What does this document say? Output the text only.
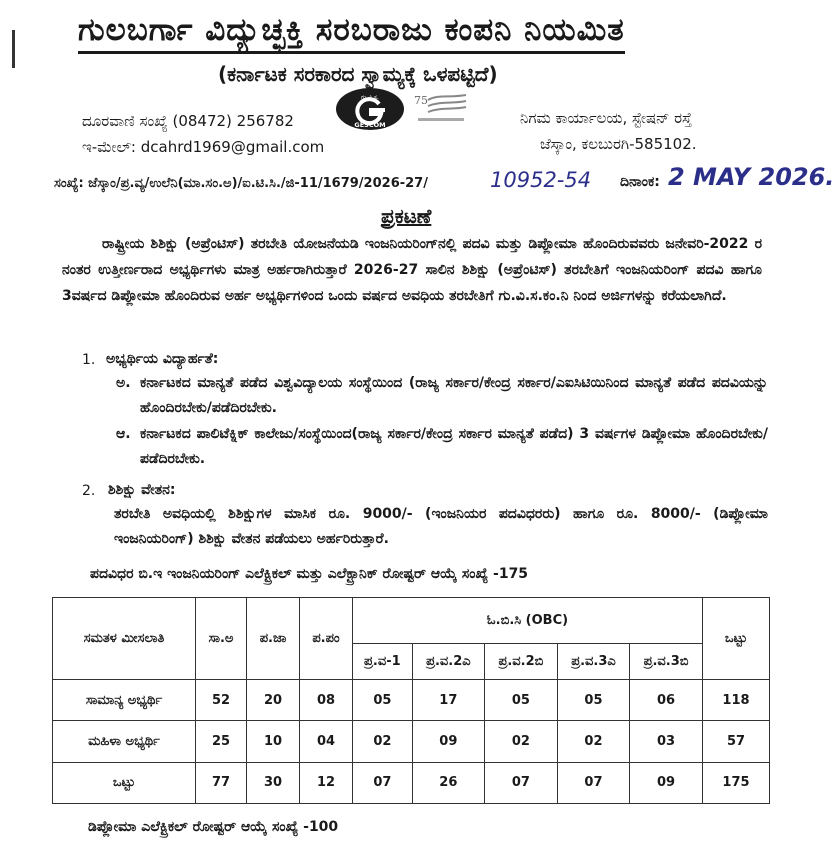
ಗುಲಬರ್ಗಾ ವಿದ್ಯುಚ್ಛಕ್ತಿ ಸರಬರಾಜು ಕಂಪನಿ ನಿಯಮಿತ
(ಕರ್ನಾಟಕ ಸರಕಾರದ ಸ್ವಾಮ್ಯಕ್ಕೆ ಒಳಪಟ್ಟಿದೆ)
ಗು.ವಿ.ಸ.
GESCOM
75
ದೂರವಾಣಿ ಸಂಖ್ಯೆ (08472) 256782
ಇ-ಮೇಲ್: dcahrd1969@gmail.com
ನಿಗಮ ಕಾರ್ಯಾಲಯ, ಸ್ಟೇಷನ್ ರಸ್ತೆ
ಜೆಸ್ಕಾಂ, ಕಲಬುರಗಿ-585102.
ಸಂಖ್ಯೆ: ಜೆಸ್ಕಾಂ/ಪ್ರ.ವ್ಯ/ಉಲೆನಿ(ಮಾ.ಸಂ.ಅ)/ಐ.ಟಿ.ಸಿ./ಜಿ-11/1679/2026-27/	10952-54 ದಿನಾಂಕ: 2 MAY 2026.
ಪ್ರಕಟಣೆ
ರಾಷ್ಟ್ರೀಯ ಶಿಶಿಕ್ಷು (ಅಪ್ರೆಂಟಿಸ್) ತರಬೇತಿ ಯೋಜನೆಯಡಿ ಇಂಜನಿಯರಿಂಗ್‌ನಲ್ಲಿ ಪದವಿ ಮತ್ತು ಡಿಪ್ಲೋಮಾ ಹೊಂದಿರುವವರು ಜನೇವರಿ-2022 ರ ನಂತರ ಉತ್ತೀರ್ಣರಾದ ಅಭ್ಯರ್ಥಿಗಳು ಮಾತ್ರ ಅರ್ಹರಾಗಿರುತ್ತಾರೆ 2026-27 ಸಾಲಿನ ಶಿಶಿಕ್ಷು (ಅಪ್ರೆಂಟಿಸ್) ತರಬೇತಿಗೆ ಇಂಜನಿಯರಿಂಗ್ ಪದವಿ ಹಾಗೂ 3ವರ್ಷದ ಡಿಪ್ಲೋಮಾ ಹೊಂದಿರುವ ಅರ್ಹ ಅಭ್ಯರ್ಥಿಗಳಿಂದ ಒಂದು ವರ್ಷದ ಅವಧಿಯ ತರಬೇತಿಗೆ ಗು.ವಿ.ಸ.ಕಂ.ನಿ ನಿಂದ ಅರ್ಜಿಗಳನ್ನು ಕರೆಯಲಾಗಿದೆ.
1. ಅಭ್ಯರ್ಥಿಯ ವಿದ್ಯಾರ್ಹತೆ:
ಅ. ಕರ್ನಾಟಕದ ಮಾನ್ಯತೆ ಪಡೆದ ವಿಶ್ವವಿದ್ಯಾಲಯ ಸಂಸ್ಥೆಯಿಂದ (ರಾಜ್ಯ ಸರ್ಕಾರ/ಕೇಂದ್ರ ಸರ್ಕಾರ/ಎಐಸಿಟಿಯಿನಿಂದ ಮಾನ್ಯತೆ ಪಡೆದ ಪದವಿಯನ್ನು ಹೊಂದಿರಬೇಕು/ಪಡೆದಿರಬೇಕು.
ಆ. ಕರ್ನಾಟಕದ ಪಾಲಿಟೆಕ್ನಿಕ್ ಕಾಲೇಜು/ಸಂಸ್ಥೆಯಿಂದ(ರಾಜ್ಯ ಸರ್ಕಾರ/ಕೇಂದ್ರ ಸರ್ಕಾರ ಮಾನ್ಯತೆ ಪಡೆದ) 3 ವರ್ಷಗಳ ಡಿಪ್ಲೋಮಾ ಹೊಂದಿರಬೇಕು/ಪಡೆದಿರಬೇಕು.
2. ಶಿಶಿಕ್ಷು ವೇತನ:
ತರಬೇತಿ ಅವಧಿಯಲ್ಲಿ ಶಿಶಿಕ್ಷುಗಳ ಮಾಸಿಕ ರೂ. 9000/- (ಇಂಜನಿಯರ ಪದವಿಧರರು) ಹಾಗೂ ರೂ. 8000/- (ಡಿಪ್ಲೋಮಾ ಇಂಜನಿಯರಿಂಗ್) ಶಿಶಿಕ್ಷು ವೇತನ ಪಡೆಯಲು ಅರ್ಹರಿರುತ್ತಾರೆ.
ಪದವಿಧರ ಬಿ.ಇ ಇಂಜನಿಯರಿಂಗ್ ಎಲೆಕ್ಟ್ರಿಕಲ್ ಮತ್ತು ಎಲೆಕ್ಟ್ರಾನಿಕ್ ರೋಷ್ಟರ್ ಆಯ್ಕೆ ಸಂಖ್ಯೆ -175
ಸಮತಳ ಮೀಸಲಾತಿ	ಸಾ.ಅ	ಪ.ಜಾ	ಪ.ಪಂ	ಓ.ಬಿ.ಸಿ (OBC)					ಒಟ್ಟು
				ಪ್ರ.ವ-1	ಪ್ರ.ವ.2ಎ	ಪ್ರ.ವ.2ಬಿ	ಪ್ರ.ವ.3ಎ	ಪ್ರ.ವ.3ಬಿ	
ಸಾಮಾನ್ಯ ಅಭ್ಯರ್ಥಿ	52	20	08	05	17	05	05	06	118
ಮಹಿಳಾ ಅಭ್ಯರ್ಥಿ	25	10	04	02	09	02	02	03	57
ಒಟ್ಟು	77	30	12	07	26	07	07	09	175
ಡಿಪ್ಲೋಮಾ ಎಲೆಕ್ಟ್ರಿಕಲ್ ರೋಷ್ಟರ್ ಆಯ್ಕೆ ಸಂಖ್ಯೆ -100
